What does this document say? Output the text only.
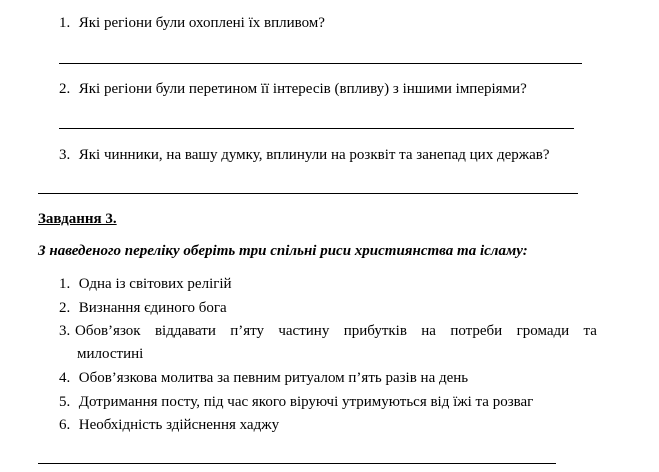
1. Які регіони були охоплені їх впливом?
2. Які регіони були перетином її інтересів (впливу) з іншими імперіями?
3. Які чинники, на вашу думку, вплинули на розквіт та занепад цих держав?
Завдання 3.
З наведеного переліку оберіть три спільні риси християнства та ісламу:
1. Одна із світових релігій
2. Визнання єдиного бога
3. Обов’язок віддавати п’яту частину прибутків на потреби громади та
милостині
4. Обов’язкова молитва за певним ритуалом п’ять разів на день
5. Дотримання посту, під час якого віруючі утримуються від їжі та розваг
6. Необхідність здійснення хаджу
